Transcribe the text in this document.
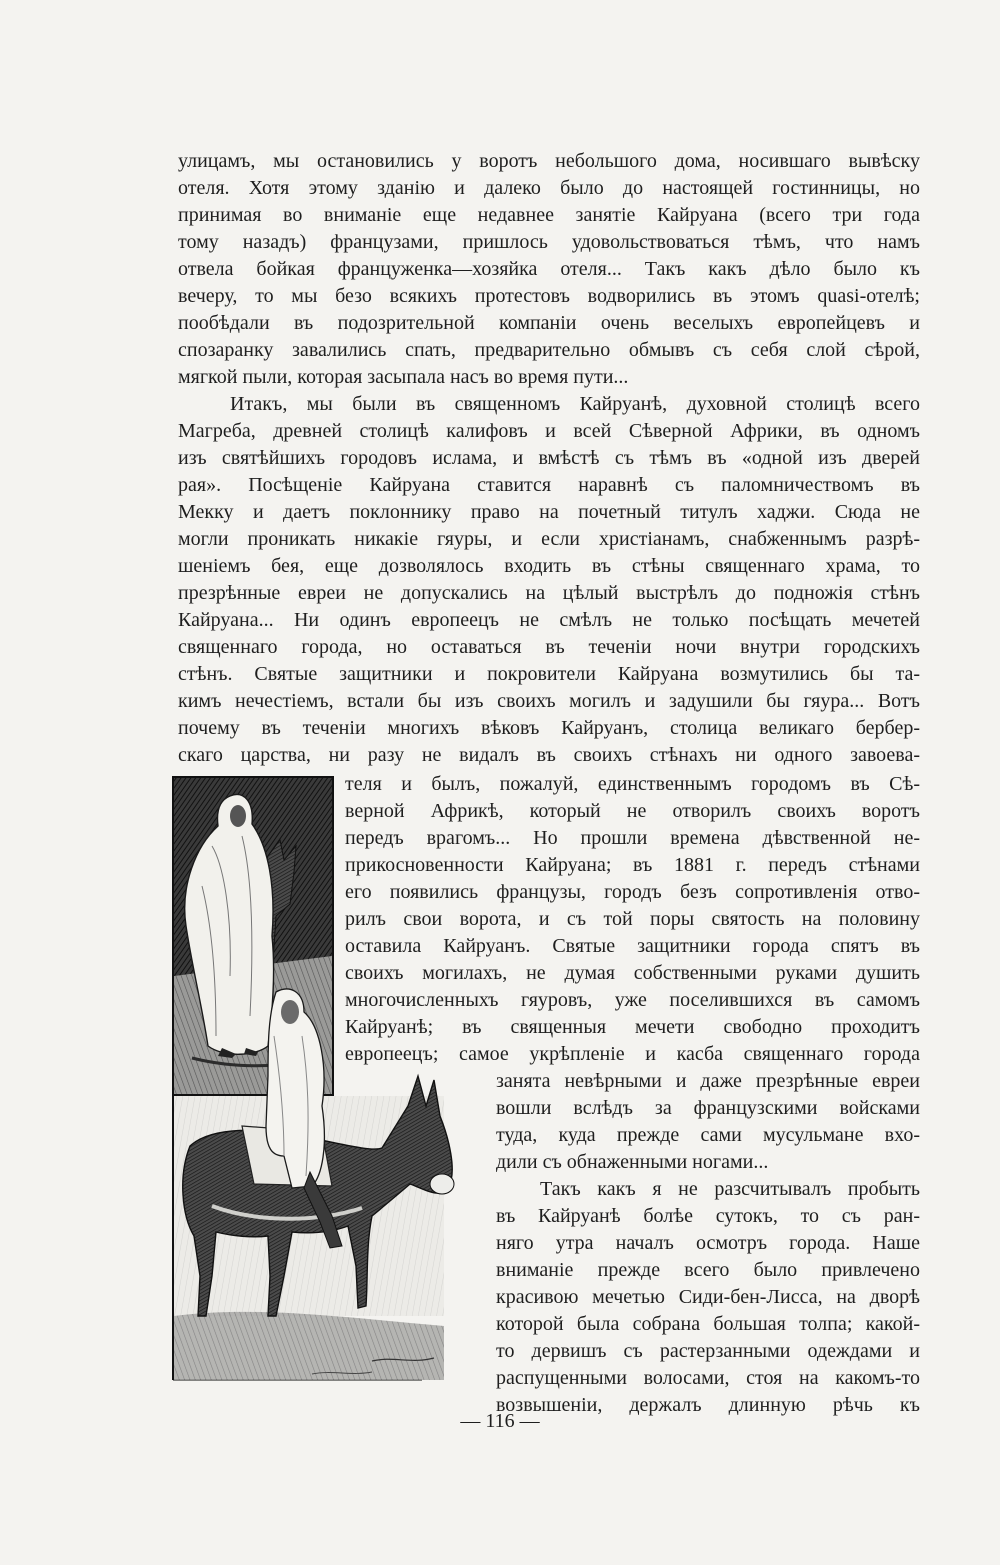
улицамъ, мы остановились у воротъ небольшого дома, носившаго вывѣску
отеля. Хотя этому зданію и далеко было до настоящей гостинницы, но
принимая во вниманіе еще недавнее занятіе Кайруана (всего три года
тому назадъ) французами, пришлось удовольствоваться тѣмъ, что намъ
отвела бойкая француженка—хозяйка отеля... Такъ какъ дѣло было къ
вечеру, то мы безо всякихъ протестовъ водворились въ этомъ quasi-отелѣ;
пообѣдали въ подозрительной компаніи очень веселыхъ европейцевъ и
спозаранку завалились спать, предварительно обмывъ съ себя слой сѣрой,
мягкой пыли, которая засыпала насъ во время пути...
Итакъ, мы были въ священномъ Кайруанѣ, духовной столицѣ всего
Магреба, древней столицѣ калифовъ и всей Сѣверной Африки, въ одномъ
изъ святѣйшихъ городовъ ислама, и вмѣстѣ съ тѣмъ въ «одной изъ дверей
рая». Посѣщеніе Кайруана ставится наравнѣ съ паломничествомъ въ
Мекку и даетъ поклоннику право на почетный титулъ хаджи. Сюда не
могли проникать никакіе гяуры, и если христіанамъ, снабженнымъ разрѣ-
шеніемъ бея, еще дозволялось входить въ стѣны священнаго храма, то
презрѣнные евреи не допускались на цѣлый выстрѣлъ до подножія стѣнъ
Кайруана... Ни одинъ европеецъ не смѣлъ не только посѣщать мечетей
священнаго города, но оставаться въ теченіи ночи внутри городскихъ
стѣнъ. Святые защитники и покровители Кайруана возмутились бы та-
кимъ нечестіемъ, встали бы изъ своихъ могилъ и задушили бы гяура... Вотъ
почему въ теченіи многихъ вѣковъ Кайруанъ, столица великаго бербер-
скаго царства, ни разу не видалъ въ своихъ стѣнахъ ни одного завоева-
теля и былъ, пожалуй, единственнымъ городомъ въ Сѣ-
верной Африкѣ, который не отворилъ своихъ воротъ
передъ врагомъ... Но прошли времена дѣвственной не-
прикосновенности Кайруана; въ 1881 г. передъ стѣнами
его появились французы, городъ безъ сопротивленія отво-
рилъ свои ворота, и съ той поры святость на половину
оставила Кайруанъ. Святые защитники города спятъ въ
своихъ могилахъ, не думая собственными руками душить
многочисленныхъ гяуровъ, уже поселившихся въ самомъ
Кайруанѣ; въ священныя мечети свободно проходитъ
европеецъ; самое укрѣпленіе и касба священнаго города
занята невѣрными и даже презрѣнные евреи
вошли вслѣдъ за французскими войсками
туда, куда прежде сами мусульмане вхо-
дили съ обнаженными ногами...
Такъ какъ я не разсчитывалъ пробыть
въ Кайруанѣ болѣе сутокъ, то съ ран-
няго утра началъ осмотръ города. Наше
вниманіе прежде всего было привлечено
красивою мечетью Сиди-бен-Лисса, на дворѣ
которой была собрана большая толпа; какой-
то дервишъ съ растерзанными одеждами и
распущенными волосами, стоя на какомъ-то
возвышеніи, держалъ длинную рѣчь къ
— 116 —
